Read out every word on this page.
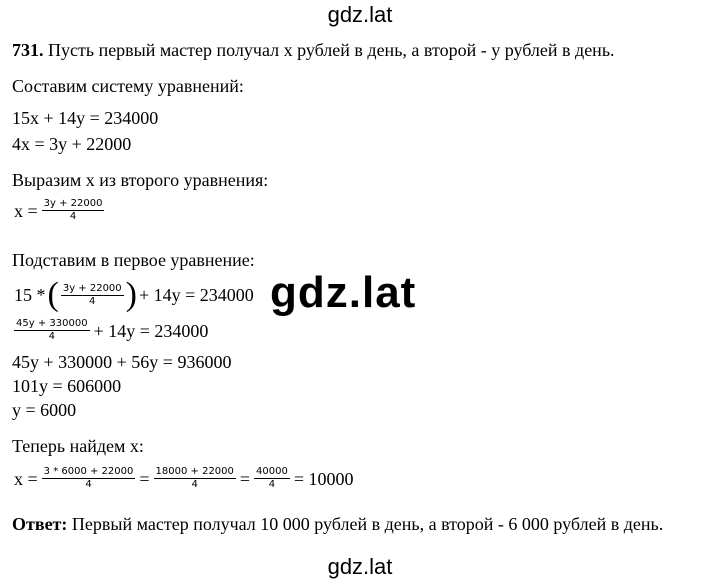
gdz.lat
731. Пусть первый мастер получал х рублей в день, а второй - у рублей в день.
Составим систему уравнений:
15x + 14y = 234000
4x = 3y + 22000
Выразим x из второго уравнения:
$x = \frac{3y + 22000}{4}$
Подставим в первое уравнение:
15 * ( $\frac{3y + 22000}{4}$ ) + 14y = 234000
$\frac{45y + 330000}{4} + 14y = 234000$
45y + 330000 + 56y = 936000
101y = 606000
y = 6000
Теперь найдем x:
$x = \frac{3 * 6000 + 22000}{4} = \frac{18000 + 22000}{4} = \frac{40000}{4} = 10000$
Ответ: Первый мастер получал 10 000 рублей в день, а второй - 6 000 рублей в день.
gdz.lat
gdz.lat
